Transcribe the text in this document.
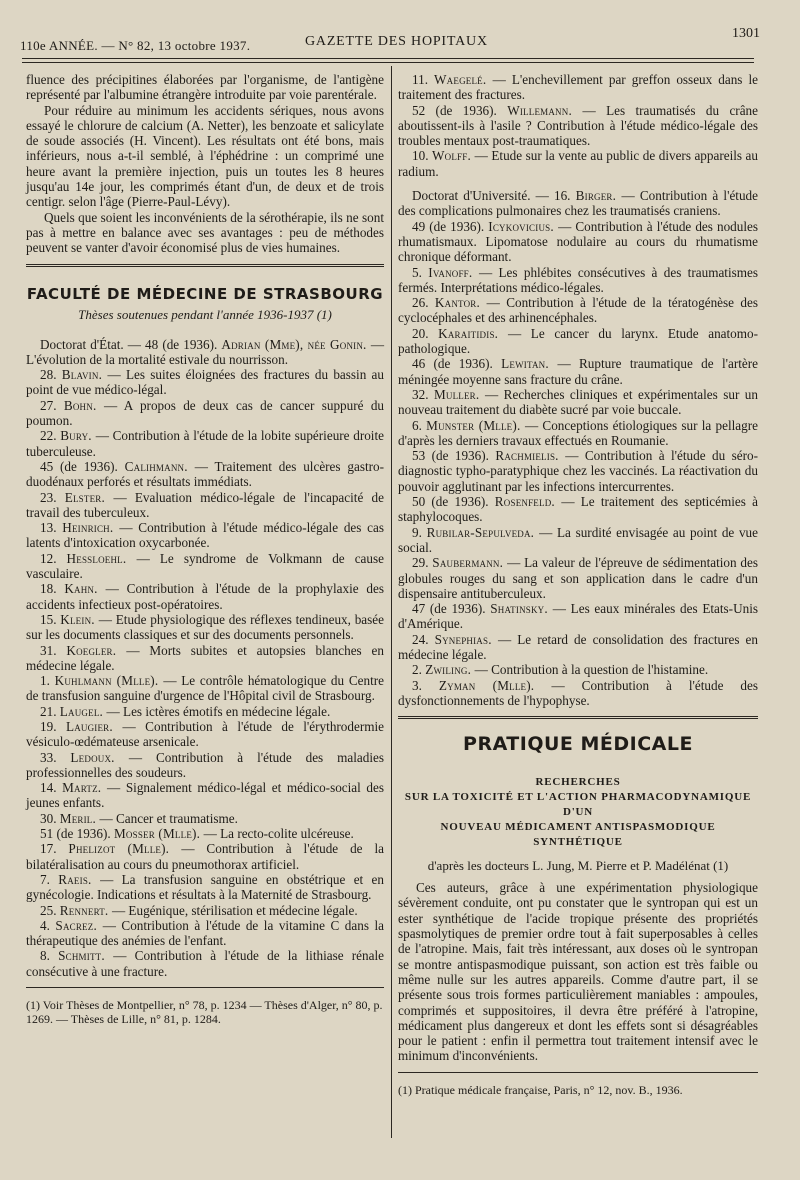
110e ANNÉE. — N° 82, 13 octobre 1937.	GAZETTE DES HOPITAUX
1301

fluence des précipitines élaborées par l'organisme, de l'antigène représenté par l'albumine étrangère introduite par voie parentérale.

Pour réduire au minimum les accidents sériques, nous avons essayé le chlorure de calcium (A. Netter), les benzoate et salicylate de soude associés (H. Vincent). Les résultats ont été bons, mais inférieurs, nous a-t-il semblé, à l'éphédrine : un comprimé une heure avant la première injection, puis un toutes les 8 heures jusqu'au 14e jour, les comprimés étant d'un, de deux et de trois centigr. selon l'âge (Pierre-Paul-Lévy).

Quels que soient les inconvénients de la sérothérapie, ils ne sont pas à mettre en balance avec ses avantages : peu de méthodes peuvent se vanter d'avoir économisé plus de vies humaines.

FACULTÉ DE MÉDECINE DE STRASBOURG
Thèses soutenues pendant l'année 1936-1937 (1)
Doctorat d'État. — 48 (de 1936). Adrian (Mme), née Gonin. — L'évolution de la mortalité estivale du nourrisson.
28. Blavin. — Les suites éloignées des fractures du bassin au point de vue médico-légal.
27. Bohn. — A propos de deux cas de cancer suppuré du poumon.
22. Bury. — Contribution à l'étude de la lobite supérieure droite tuberculeuse.
45 (de 1936). Calihmann. — Traitement des ulcères gastro-duodénaux perforés et résultats immédiats.
23. Elster. — Evaluation médico-légale de l'incapacité de travail des tuberculeux.
13. Heinrich. — Contribution à l'étude médico-légale des cas latents d'intoxication oxycarbonée.
12. Hessloehl. — Le syndrome de Volkmann de cause vasculaire.
18. Kahn. — Contribution à l'étude de la prophylaxie des accidents infectieux post-opératoires.
15. Klein. — Etude physiologique des réflexes tendineux, basée sur les documents classiques et sur des documents personnels.
31. Koegler. — Morts subites et autopsies blanches en médecine légale.
1. Kuhlmann (Mlle). — Le contrôle hématologique du Centre de transfusion sanguine d'urgence de l'Hôpital civil de Strasbourg.
21. Laugel. — Les ictères émotifs en médecine légale.
19. Laugier. — Contribution à l'étude de l'érythrodermie vésiculo-œdémateuse arsenicale.
33. Ledoux. — Contribution à l'étude des maladies professionnelles des soudeurs.
14. Martz. — Signalement médico-légal et médico-social des jeunes enfants.
30. Meril. — Cancer et traumatisme.
51 (de 1936). Mosser (Mlle). — La recto-colite ulcéreuse.
17. Phelizot (Mlle). — Contribution à l'étude de la bilatéralisation au cours du pneumothorax artificiel.
7. Raeis. — La transfusion sanguine en obstétrique et en gynécologie. Indications et résultats à la Maternité de Strasbourg.
25. Rennert. — Eugénique, stérilisation et médecine légale.
4. Sacrez. — Contribution à l'étude de la vitamine C dans la thérapeutique des anémies de l'enfant.
8. Schmitt. — Contribution à l'étude de la lithiase rénale consécutive à une fracture.
(1) Voir Thèses de Montpellier, n° 78, p. 1234 — Thèses d'Alger, n° 80, p. 1269. — Thèses de Lille, n° 81, p. 1284.
11. Waegelé. — L'enchevillement par greffon osseux dans le traitement des fractures.
52 (de 1936). Willemann. — Les traumatisés du crâne aboutissent-ils à l'asile ? Contribution à l'étude médico-légale des troubles mentaux post-traumatiques.
10. Wolff. — Etude sur la vente au public de divers appareils au radium.
Doctorat d'Université. — 16. Birger. — Contribution à l'étude des complications pulmonaires chez les traumatisés craniens.
49 (de 1936). Icykovicius. — Contribution à l'étude des nodules rhumatismaux. Lipomatose nodulaire au cours du rhumatisme chronique déformant.
5. Ivanoff. — Les phlébites consécutives à des traumatismes fermés. Interprétations médico-légales.
26. Kantor. — Contribution à l'étude de la tératogénèse des cyclocéphales et des arhinencéphales.
20. Karaitidis. — Le cancer du larynx. Etude anatomo-pathologique.
46 (de 1936). Lewitan. — Rupture traumatique de l'artère méningée moyenne sans fracture du crâne.
32. Muller. — Recherches cliniques et expérimentales sur un nouveau traitement du diabète sucré par voie buccale.
6. Munster (Mlle). — Conceptions étiologiques sur la pellagre d'après les derniers travaux effectués en Roumanie.
53 (de 1936). Rachmielis. — Contribution à l'étude du séro-diagnostic typho-paratyphique chez les vaccinés. La réactivation du pouvoir agglutinant par les infections intercurrentes.
50 (de 1936). Rosenfeld. — Le traitement des septicémies à staphylocoques.
9. Rubilar-Sepulveda. — La surdité envisagée au point de vue social.
29. Saubermann. — La valeur de l'épreuve de sédimentation des globules rouges du sang et son application dans le cadre d'un dispensaire antituberculeux.
47 (de 1936). Shatinsky. — Les eaux minérales des Etats-Unis d'Amérique.
24. Synephias. — Le retard de consolidation des fractures en médecine légale.
2. Zwiling. — Contribution à la question de l'histamine.
3. Zyman (Mlle). — Contribution à l'étude des dysfonctionnements de l'hypophyse.
PRATIQUE MÉDICALE
RECHERCHES
SUR LA TOXICITÉ ET L'ACTION PHARMACODYNAMIQUE D'UN
NOUVEAU MÉDICAMENT ANTISPASMODIQUE SYNTHÉTIQUE
d'après les docteurs L. Jung, M. Pierre et P. Madélénat (1)

Ces auteurs, grâce à une expérimentation physiologique sévèrement conduite, ont pu constater que le syntropan qui est un ester synthétique de l'acide tropique présente des propriétés spasmolytiques de premier ordre tout à fait superposables à celles de l'atropine. Mais, fait très intéressant, aux doses où le syntropan se montre antispasmodique puissant, son action est très faible ou même nulle sur les autres appareils. Comme d'autre part, il se présente sous trois formes particulièrement maniables : ampoules, comprimés et suppositoires, il devra être préféré à l'atropine, médicament plus dangereux et dont les effets sont si désagréables pour le patient : enfin il permettra tout traitement intensif avec le minimum d'inconvénients.

(1) Pratique médicale française, Paris, n° 12, nov. B., 1936.
